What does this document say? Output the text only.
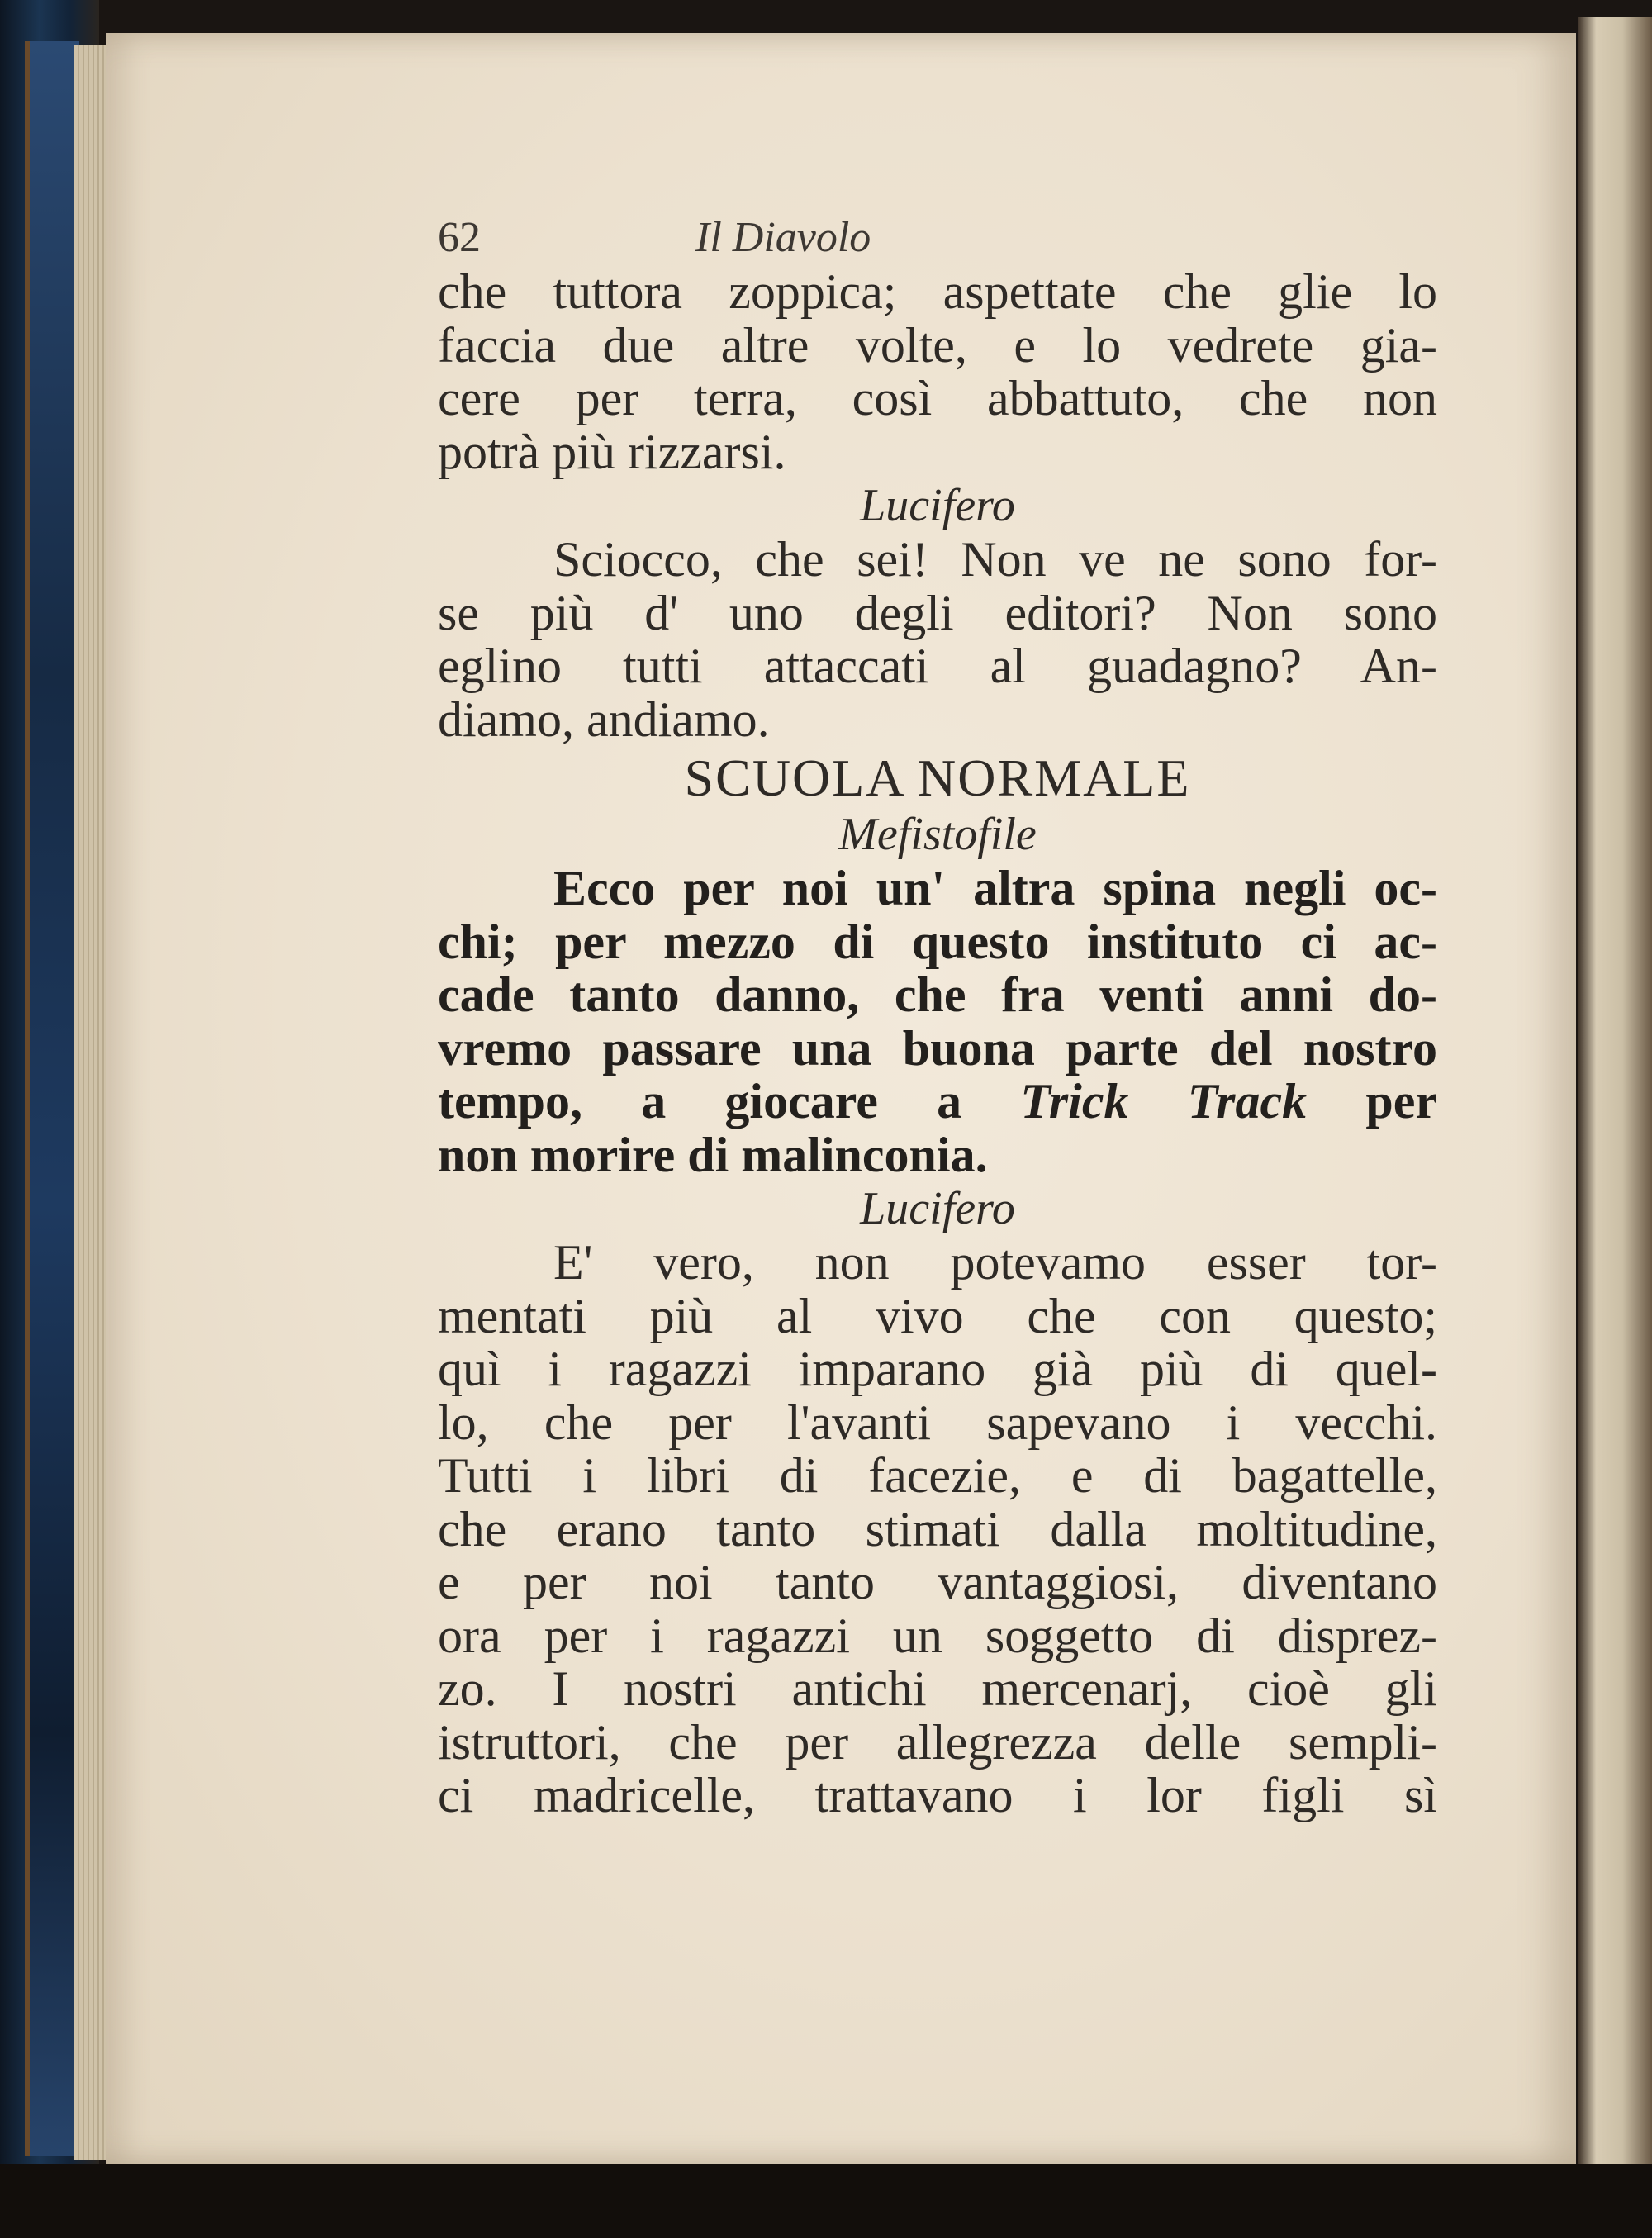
62	Il Diavolo
che tuttora zoppica; aspettate che glie lo
faccia due altre volte, e lo vedrete gia-
cere per terra, così abbattuto, che non
potrà più rizzarsi.
Lucifero
Sciocco, che sei! Non ve ne sono for-
se più d' uno degli editori? Non sono
eglino tutti attaccati al guadagno? An-
diamo, andiamo.
SCUOLA NORMALE
Mefistofile
Ecco per noi un' altra spina negli oc-
chi; per mezzo di questo instituto ci ac-
cade tanto danno, che fra venti anni do-
vremo passare una buona parte del nostro
tempo, a giocare a Trick Track per
non morire di malinconia.
Lucifero
E' vero, non potevamo esser tor-
mentati più al vivo che con questo;
quì i ragazzi imparano già più di quel-
lo, che per l'avanti sapevano i vecchi.
Tutti i libri di facezie, e di bagattelle,
che erano tanto stimati dalla moltitudine,
e per noi tanto vantaggiosi, diventano
ora per i ragazzi un soggetto di disprez-
zo. I nostri antichi mercenarj, cioè gli
istruttori, che per allegrezza delle sempli-
ci madricelle, trattavano i lor figli sì
